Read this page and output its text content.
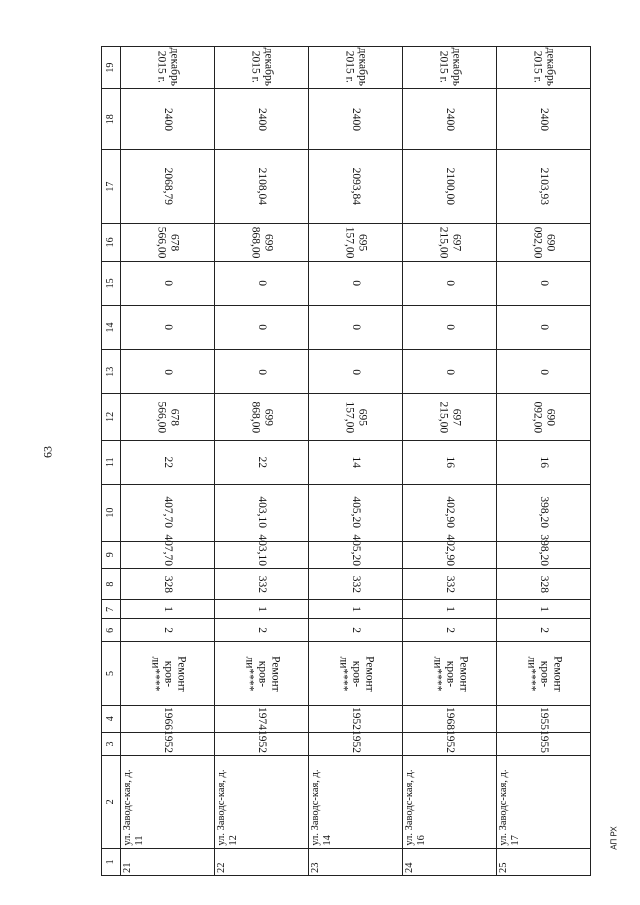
63
АП РХ
1	2	3	4	5	6	7	8	9	10	11	12	13	14	15	16	17	18	19
21	ул. Заводс-кая, д. 11	1952	1966	Ремонт кров-ли****	2	1	328	407,70	407,70	22	678 566,00	0	0	0	678 566,00	2068,79	2400	декабрь 2015 г.
22	ул. Заводс-кая, д. 12	1952	1974	Ремонт кров-ли****	2	1	332	403,10	403,10	22	699 868,00	0	0	0	699 868,00	2108,04	2400	декабрь 2015 г.
23	ул. Заводс-кая, д. 14	1952	1952	Ремонт кров-ли****	2	1	332	405,20	405,20	14	695 157,00	0	0	0	695 157,00	2093,84	2400	декабрь 2015 г.
24	ул. Заводс-кая, д. 16	1952	1968	Ремонт кров-ли****	2	1	332	402,90	402,90	16	697 215,00	0	0	0	697 215,00	2100,00	2400	декабрь 2015 г.
25	ул. Заводс-кая, д. 17	1955	1955	Ремонт кров-ли****	2	1	328	398,20	398,20	16	690 092,00	0	0	0	690 092,00	2103,93	2400	декабрь 2015 г.
